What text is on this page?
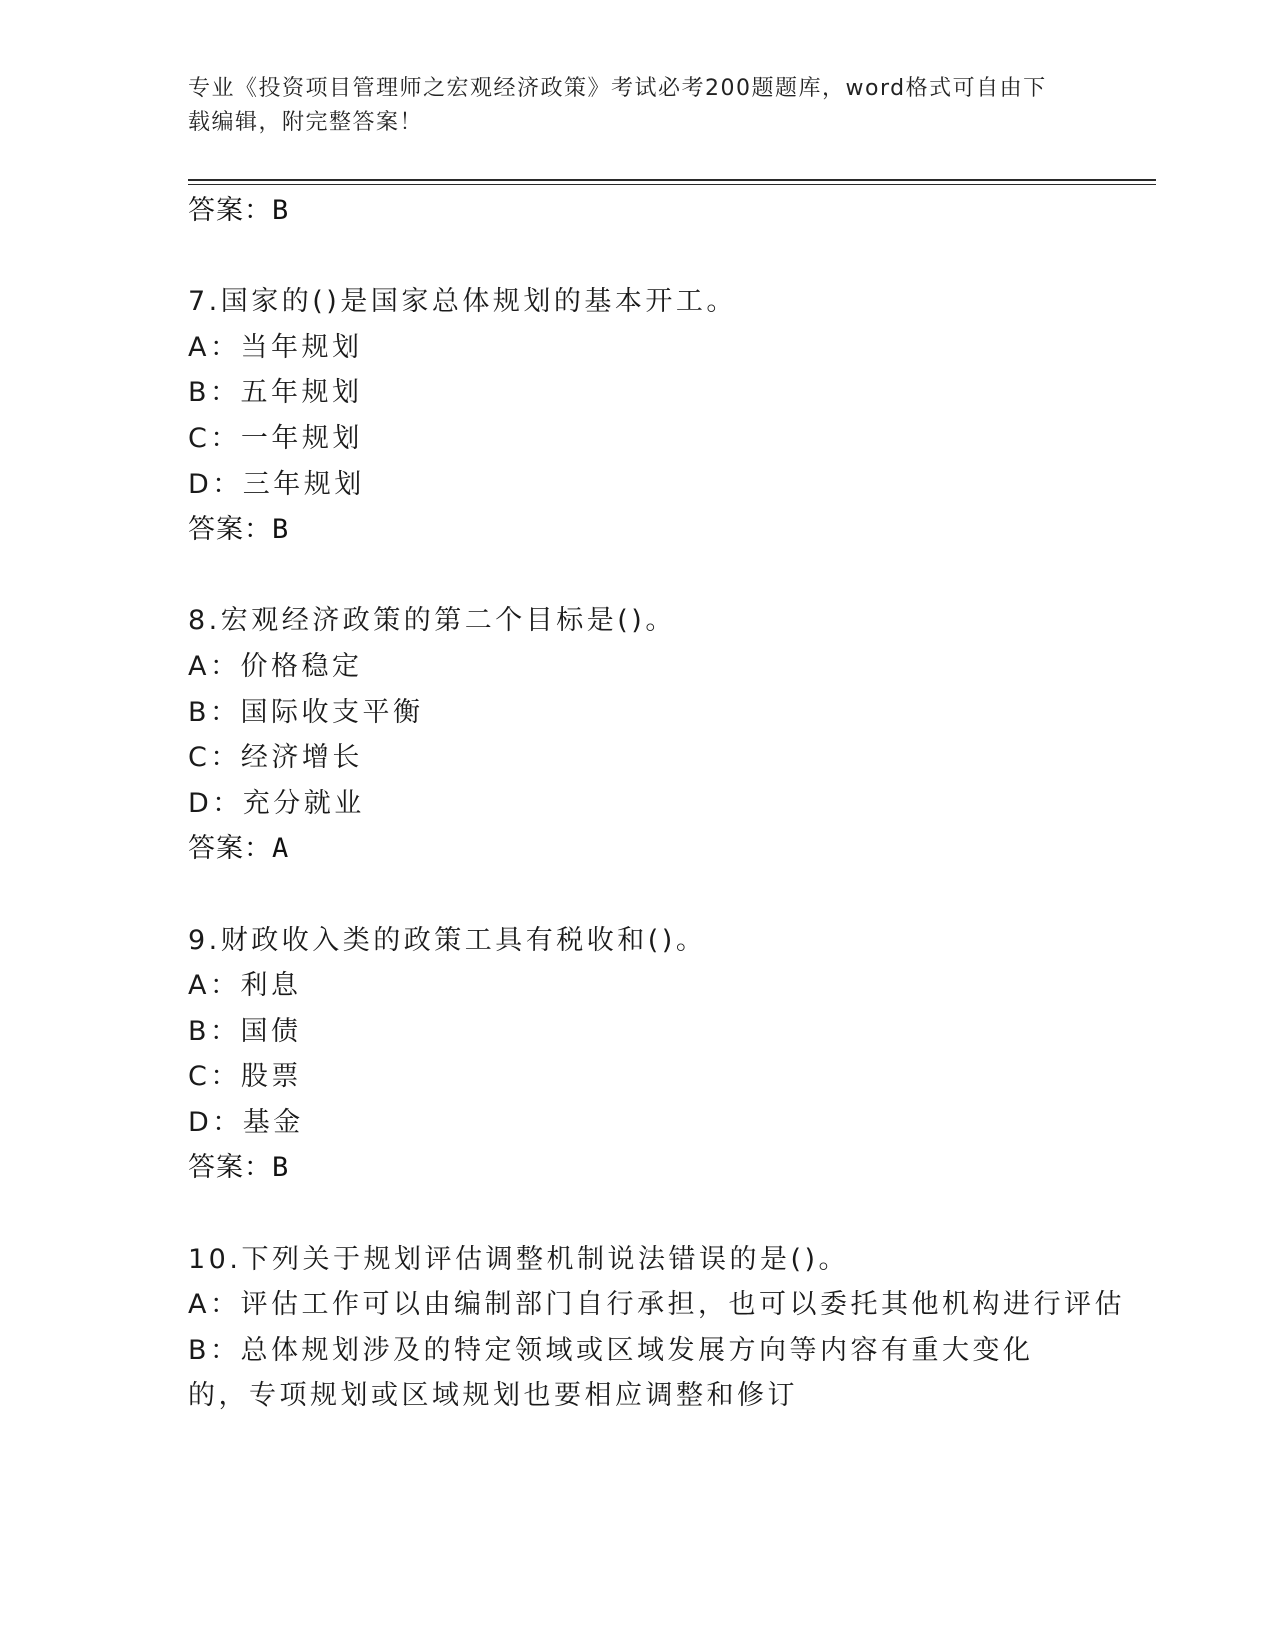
专业《投资项目管理师之宏观经济政策》考试必考200题题库，word格式可自由下载编辑，附完整答案！
答案：B
7.国家的()是国家总体规划的基本开工。
A：当年规划
B：五年规划
C：一年规划
D：三年规划
答案：B
8.宏观经济政策的第二个目标是()。
A：价格稳定
B：国际收支平衡
C：经济增长
D：充分就业
答案：A
9.财政收入类的政策工具有税收和()。
A：利息
B：国债
C：股票
D：基金
答案：B
10.下列关于规划评估调整机制说法错误的是()。
A：评估工作可以由编制部门自行承担，也可以委托其他机构进行评估
B：总体规划涉及的特定领域或区域发展方向等内容有重大变化的，专项规划或区域规划也要相应调整和修订
